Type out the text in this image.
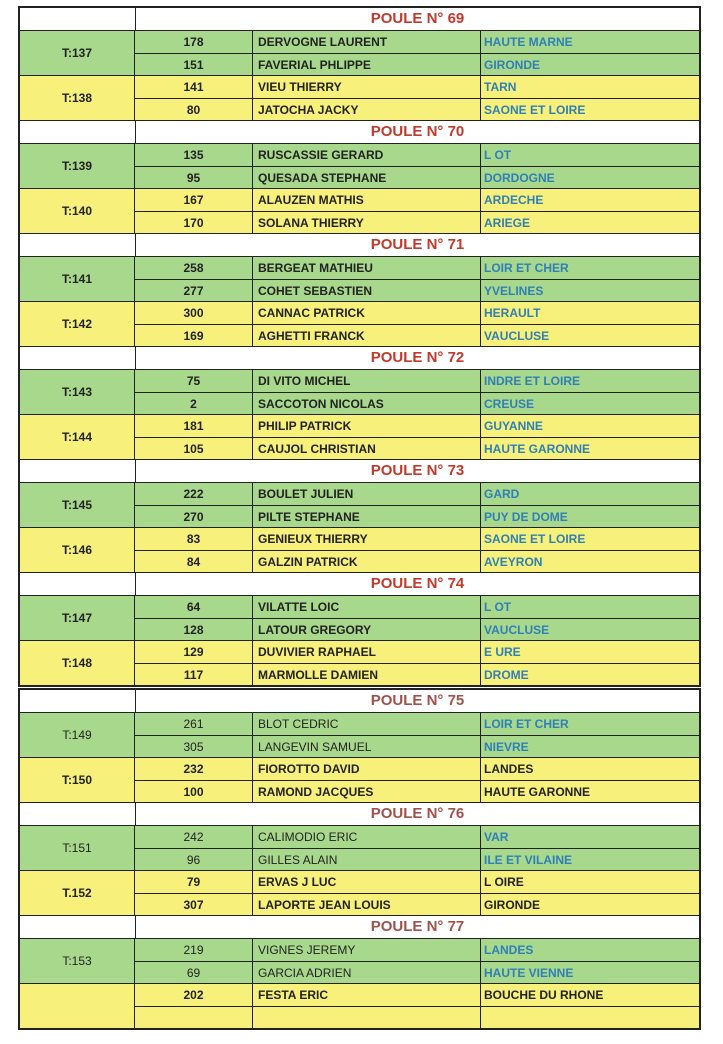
POULE N° 69
T:137
178	DERVOGNE LAURENT	HAUTE MARNE
151	FAVERIAL PHLIPPE	GIRONDE
T:138
141	VIEU THIERRY	TARN
80	JATOCHA JACKY	SAONE ET LOIRE
POULE N° 70
T:139
135	RUSCASSIE GERARD	L OT
95	QUESADA STEPHANE	DORDOGNE
T:140
167	ALAUZEN MATHIS	ARDECHE
170	SOLANA THIERRY	ARIEGE
POULE N° 71
T:141
258	BERGEAT MATHIEU	LOIR ET CHER
277	COHET SEBASTIEN	YVELINES
T:142
300	CANNAC PATRICK	HERAULT
169	AGHETTI FRANCK	VAUCLUSE
POULE N° 72
T:143
75	DI VITO MICHEL	INDRE ET LOIRE
2	SACCOTON NICOLAS	CREUSE
T:144
181	PHILIP PATRICK	GUYANNE
105	CAUJOL CHRISTIAN	HAUTE GARONNE
POULE N° 73
T:145
222	BOULET JULIEN	GARD
270	PILTE STEPHANE	PUY DE DOME
T:146
83	GENIEUX THIERRY	SAONE ET LOIRE
84	GALZIN PATRICK	AVEYRON
POULE N° 74
T:147
64	VILATTE LOIC	L OT
128	LATOUR GREGORY	VAUCLUSE
T:148
129	DUVIVIER RAPHAEL	E URE
117	MARMOLLE DAMIEN	DROME
POULE N° 75
T:149
261	BLOT CEDRIC	LOIR ET CHER
305	LANGEVIN SAMUEL	NIEVRE
T:150
232	FIOROTTO DAVID	LANDES
100	RAMOND JACQUES	HAUTE GARONNE
POULE N° 76
T:151
242	CALIMODIO ERIC	VAR
96	GILLES ALAIN	ILE ET VILAINE
T.152
79	ERVAS J LUC	L OIRE
307	LAPORTE JEAN LOUIS	GIRONDE
POULE N° 77
T:153
219	VIGNES JEREMY	LANDES
69	GARCIA ADRIEN	HAUTE VIENNE
202	FESTA ERIC	BOUCHE DU RHONE
